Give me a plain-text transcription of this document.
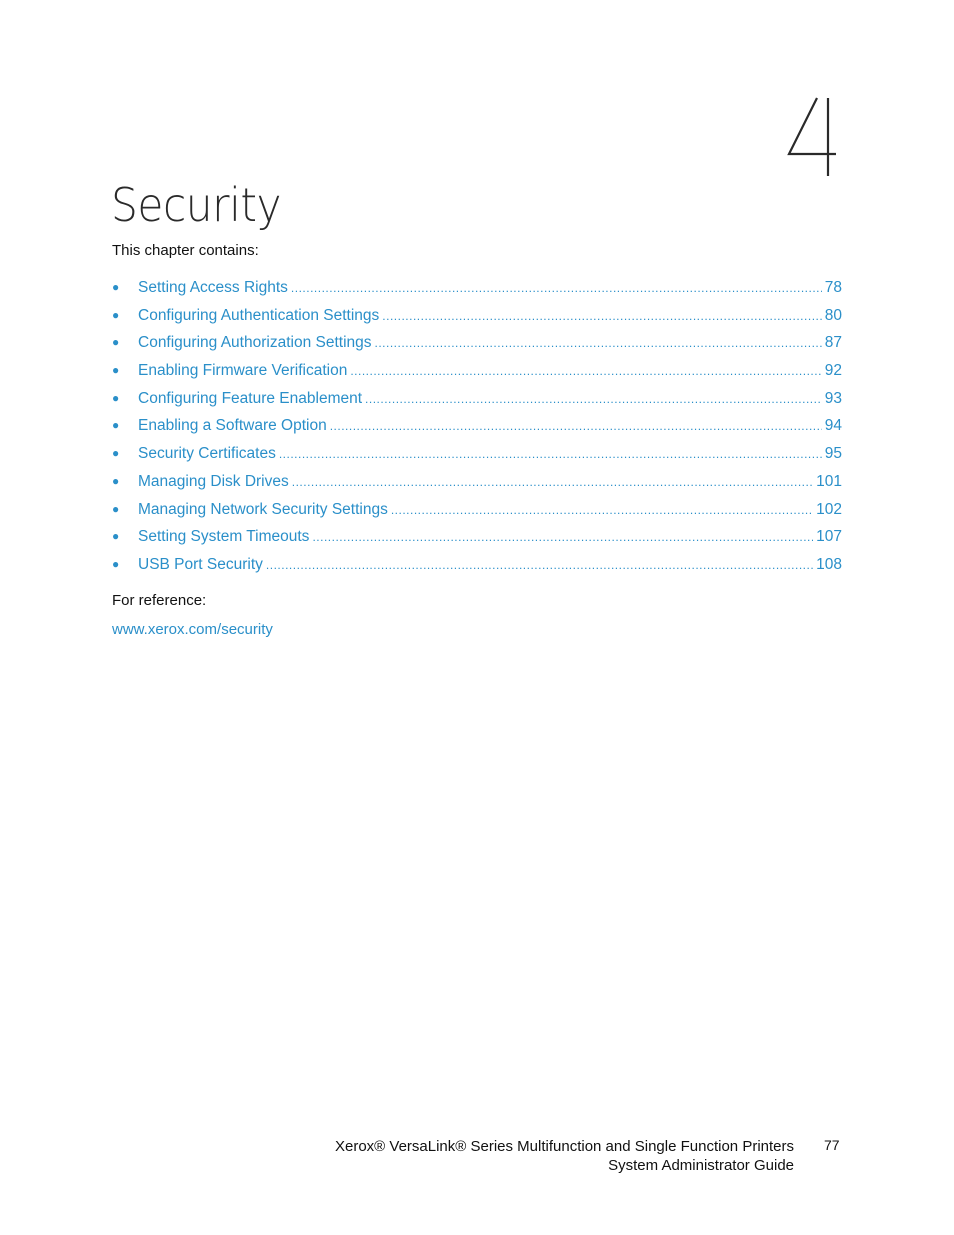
Security
This chapter contains:
●	Setting Access Rights .....	78
●	Configuring Authentication Settings .....	80
●	Configuring Authorization Settings .....	87
●	Enabling Firmware Verification .....	92
●	Configuring Feature Enablement .....	93
●	Enabling a Software Option .....	94
●	Security Certificates .....	95
●	Managing Disk Drives .....	101
●	Managing Network Security Settings .....	102
●	Setting System Timeouts .....	107
●	USB Port Security .....	108
For reference:
www.xerox.com/security
Xerox® VersaLink® Series Multifunction and Single Function Printers
System Administrator Guide
77
